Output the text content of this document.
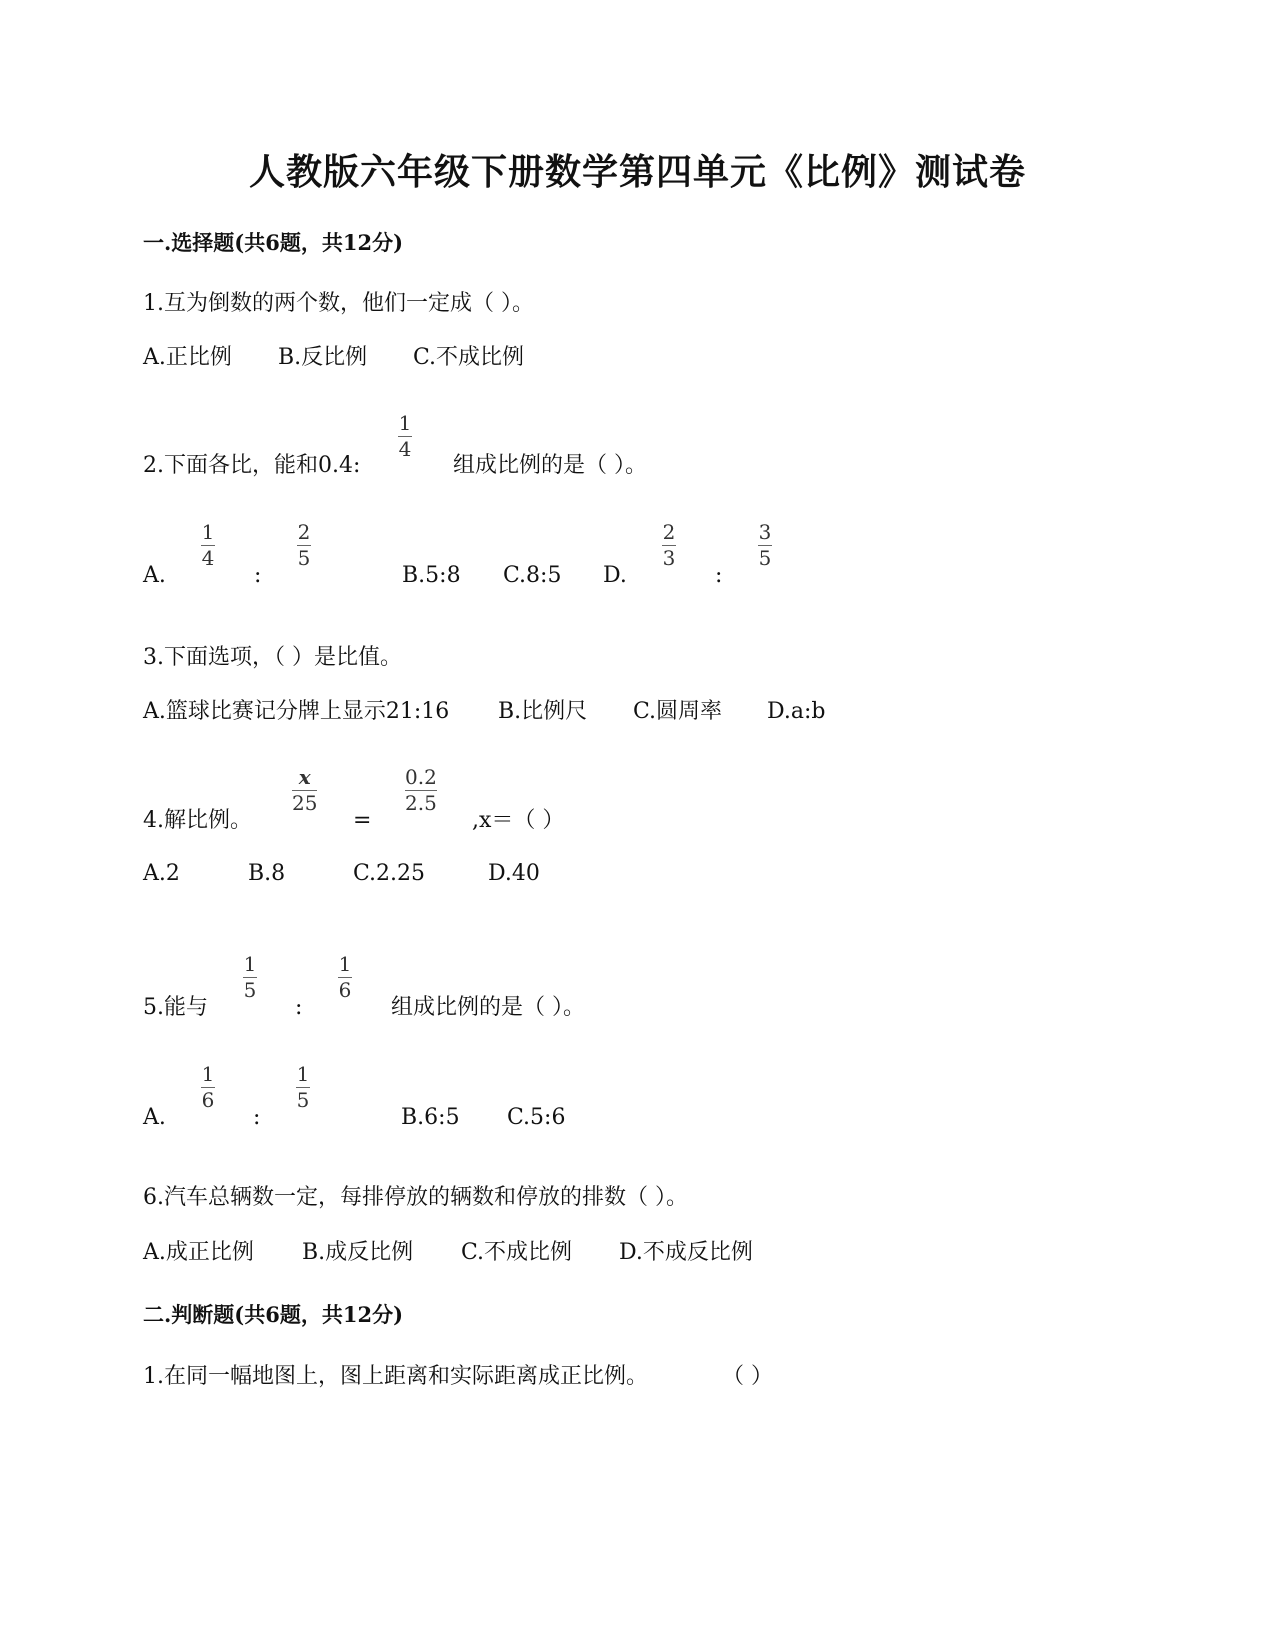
人教版六年级下册数学第四单元《比例》测试卷
一.选择题(共6题，共12分)
1.互为倒数的两个数，他们一定成（ ）。
A.正比例 B.反比例 C.不成比例
2.下面各比，能和0.4:
1
4
组成比例的是（ ）。
A.
1
4
:
2
5
B.5:8 C.8:5 D.
2
3
:
3
5
3.下面选项，（ ）是比值。
A.篮球比赛记分牌上显示21:16 B.比例尺 C.圆周率 D.a:b
4.解比例。
x
25
=
0.2
2.5
,x＝（ ）
A.2	B.8	C.2.25	D.40
5.能与
1
5
:
1
6
组成比例的是（ ）。
A.
1
6
:
1
5
B.6:5 C.5:6
6.汽车总辆数一定，每排停放的辆数和停放的排数（ ）。
A.成正比例 B.成反比例 C.不成比例 D.不成反比例
二.判断题(共6题，共12分)
1.在同一幅地图上，图上距离和实际距离成正比例。	（ ）
